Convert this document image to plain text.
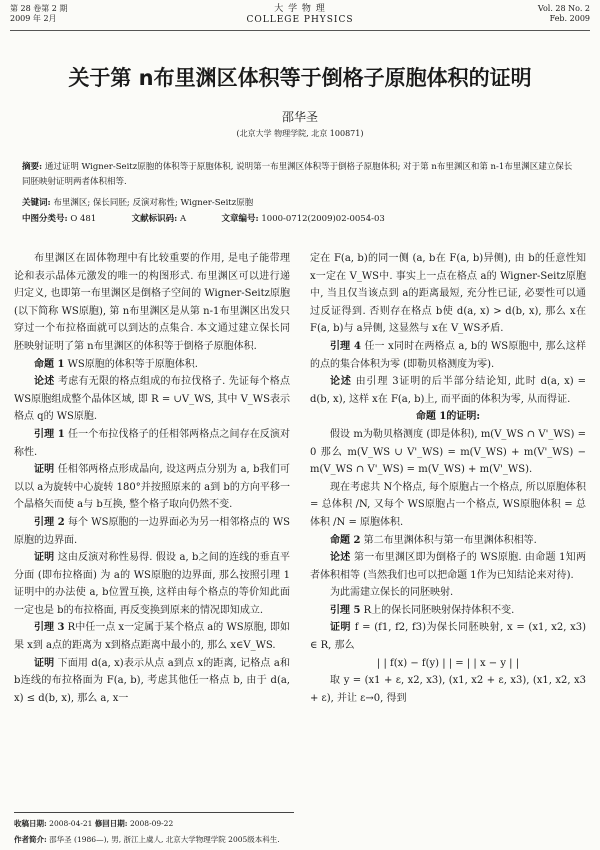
第 28 卷第 2 期
2009 年 2月
大 学 物 理
COLLEGE PHYSICS
Vol. 28 No. 2
Feb. 2009
关于第 n布里渊区体积等于倒格子原胞体积的证明
邵华圣
(北京大学 物理学院, 北京 100871)
摘要: 通过证明 Wigner-Seitz原胞的体积等于原胞体积, 说明第一布里渊区体积等于倒格子原胞体积; 对于第 n布里渊区和第 n-1布里渊区建立保长同胚映射证明两者体积相等.
关键词: 布里渊区; 保长同胚; 反演对称性; Wigner-Seitz原胞
中图分类号: O 481	文献标识码: A	文章编号: 1000-0712(2009)02-0054-03

布里渊区在固体物理中有比较重要的作用, 是电子能带理论和表示晶体元激发的唯一的构图形式. 布里渊区可以进行递归定义, 也即第一布里渊区是倒格子空间的 Wigner-Seitz原胞 (以下简称 WS原胞), 第 n布里渊区是从第 n-1布里渊区出发只穿过一个布拉格面就可以到达的点集合. 本文通过建立保长同胚映射证明了第 n布里渊区的体积等于倒格子原胞体积.

命题 1 WS原胞的体积等于原胞体积.

论述 考虑有无限的格点组成的布拉伐格子. 先证每个格点 WS原胞组成整个晶体区域, 即 R = ∪V_WS, 其中 V_WS表示格点 q的 WS原胞.

引理 1 任一个布拉伐格子的任相邻两格点之间存在反演对称性.

证明 任相邻两格点形成晶向, 设这两点分别为 a, b我们可以以 a为旋转中心旋转 180°并按照原来的 a到 b的方向平移一个晶格矢而使 a与 b互换, 整个格子取向仍然不变.

引理 2 每个 WS原胞的一边界面必为另一相邻格点的 WS原胞的边界面.

证明 这由反演对称性易得. 假设 a, b之间的连线的垂直平分面 (即布拉格面) 为 a的 WS原胞的边界面, 那么按照引理 1证明中的办法使 a, b位置互换, 这样由每个格点的等价知此面一定也是 b的布拉格面, 再反变换到原来的情况即知成立.

引理 3 R中任一点 x一定属于某个格点 a的 WS原胞, 即如果 x到 a点的距离为 x到格点距离中最小的, 那么 x∈V_WS.

证明 下面用 d(a, x)表示从点 a到点 x的距离, 记格点 a和 b连线的布拉格面为 F(a, b), 考虑其他任一格点 b, 由于 d(a, x) ≤ d(b, x), 那么 a, x一

定在 F(a, b)的同一侧 (a, b在 F(a, b)异侧), 由 b的任意性知 x一定在 V_WS中. 事实上一点在格点 a的 Wigner-Seitz原胞中, 当且仅当该点到 a的距离最短, 充分性已证, 必要性可以通过反证得到. 否则存在格点 b使 d(a, x) > d(b, x), 那么 x在 F(a, b)与 a异侧, 这显然与 x在 V_WS矛盾.

引理 4 任一 x同时在两格点 a, b的 WS原胞中, 那么这样的点的集合体积为零 (即勒贝格测度为零).

论述 由引理 3证明的后半部分结论知, 此时 d(a, x) = d(b, x), 这样 x在 F(a, b)上, 而平面的体积为零, 从而得证.

命题 1的证明:

假设 m为勒贝格测度 (即是体积), m(V_WS ∩ V'_WS) = 0 那么 m(V_WS ∪ V'_WS) = m(V_WS) + m(V'_WS) − m(V_WS ∩ V'_WS) = m(V_WS) + m(V'_WS).

现在考虑共 N个格点, 每个原胞占一个格点, 所以原胞体积 = 总体积 /N, 又每个 WS原胞占一个格点, WS原胞体积 = 总体积 /N = 原胞体积.

命题 2 第二布里渊体积与第一布里渊体积相等.

论述 第一布里渊区即为倒格子的 WS原胞. 由命题 1知两者体积相等 (当然我们也可以把命题 1作为已知结论来对待).

为此需建立保长的同胚映射.

引理 5 R上的保长同胚映射保持体积不变.

证明 f = (f1, f2, f3)为保长同胚映射, x = (x1, x2, x3) ∈ R, 那么

| | f(x) − f(y) | | = | | x − y | |

取 y = (x1 + ε, x2, x3), (x1, x2 + ε, x3), (x1, x2, x3 + ε), 并让 ε→0, 得到

收稿日期: 2008-04-21 修回日期: 2008-09-22
作者简介: 邵华圣 (1986—), 男, 浙江上虞人, 北京大学物理学院 2005级本科生.
